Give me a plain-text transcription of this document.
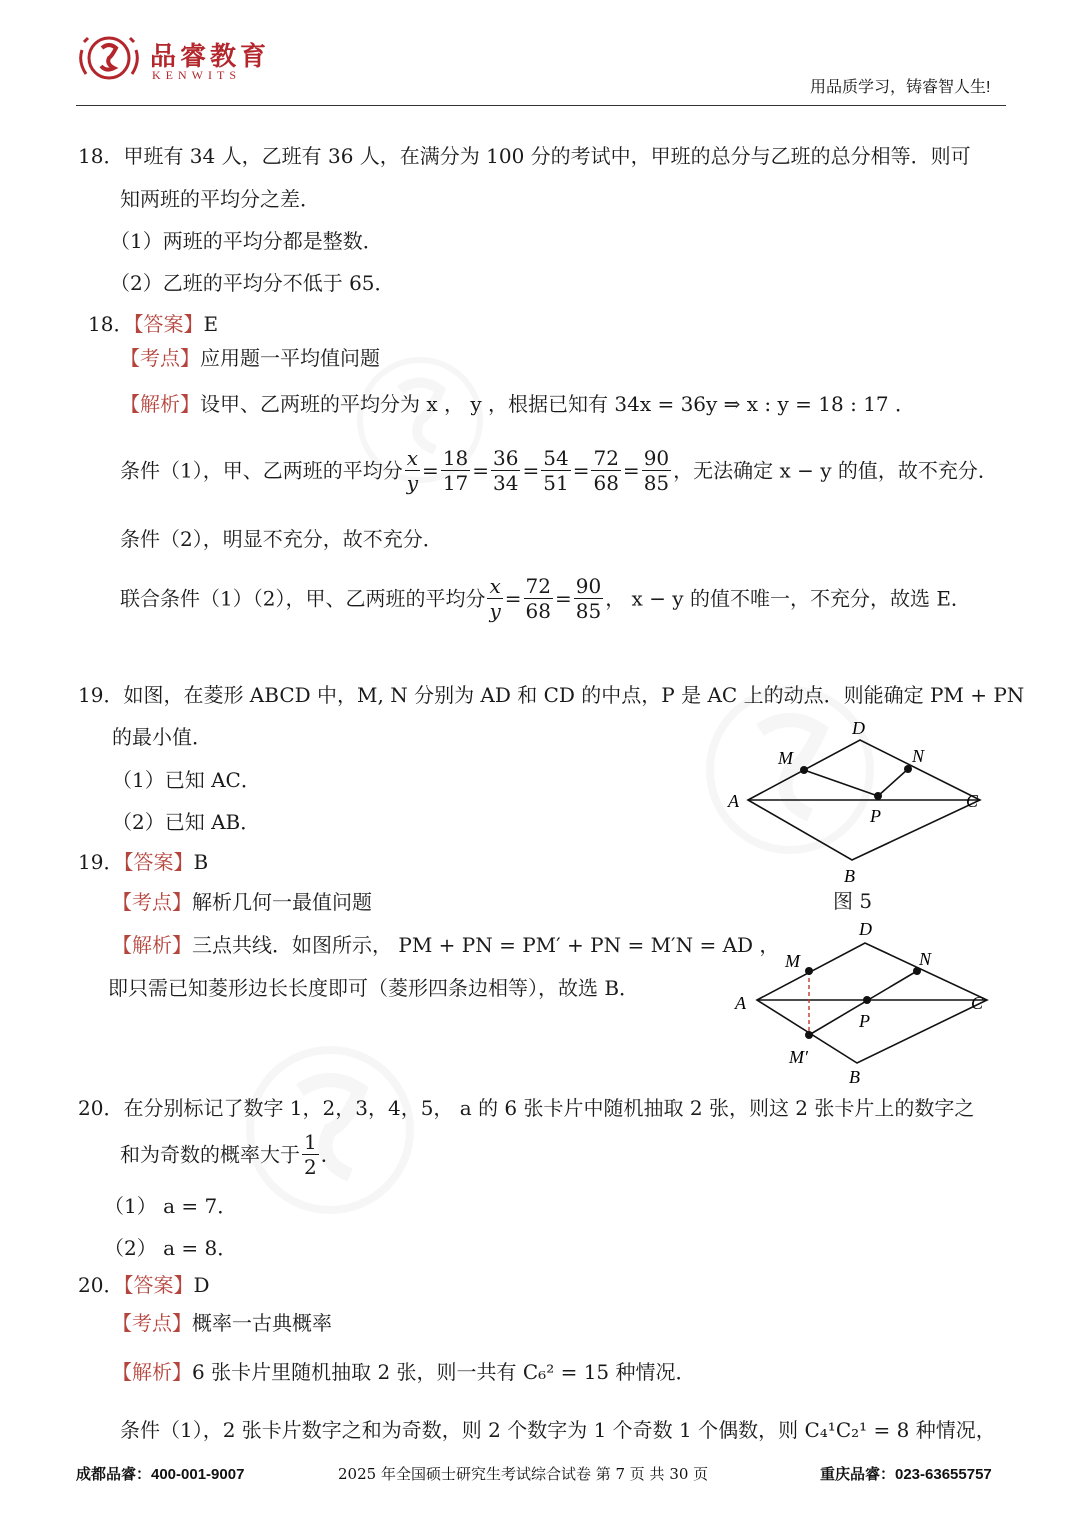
品睿教育
KENWITS
用品质学习，铸睿智人生!
18．甲班有 34 人，乙班有 36 人，在满分为 100 分的考试中，甲班的总分与乙班的总分相等．则可
知两班的平均分之差．
（1）两班的平均分都是整数．
（2）乙班的平均分不低于 65．
18．【答案】E
【考点】应用题一平均值问题
【解析】设甲、乙两班的平均分为 x ， y ，根据已知有 34x = 36y ⇒ x : y = 18 : 17 ．
条件（1），甲、乙两班的平均分 $\frac{x}{y} = \frac{18}{17} = \frac{36}{34} = \frac{54}{51} = \frac{72}{68} = \frac{90}{85}$ ，无法确定 x − y 的值，故不充分．
条件（2），明显不充分，故不充分．
联合条件（1）（2），甲、乙两班的平均分 $\frac{x}{y} = \frac{72}{68} = \frac{90}{85}$ ， x − y 的值不唯一，不充分，故选 E．
19．如图，在菱形 ABCD 中，M, N 分别为 AD 和 CD 的中点，P 是 AC 上的动点．则能确定 PM + PN
的最小值．
（1）已知 AC．
（2）已知 AB．
19．【答案】B
【考点】解析几何一最值问题
【解析】三点共线．如图所示， PM + PN = PM′ + PN = M′N = AD ，
即只需已知菱形边长长度即可（菱形四条边相等），故选 B．
A
B
C
D
M	N
P
图 5
A
B
C
D
M	N
P
M′
20．在分别标记了数字 1，2，3，4，5， a 的 6 张卡片中随机抽取 2 张，则这 2 张卡片上的数字之
和为奇数的概率大于 $\frac{1}{2}$ ．
（1） a = 7．
（2） a = 8．
20．【答案】D
【考点】概率一古典概率
【解析】6 张卡片里随机抽取 2 张，则一共有 C₆² = 15 种情况．
条件（1），2 张卡片数字之和为奇数，则 2 个数字为 1 个奇数 1 个偶数，则 C₄¹C₂¹ = 8 种情况，
成都品睿：400-001-9007	2025 年全国硕士研究生考试综合试卷 第 7 页 共 30 页	重庆品睿：023-63655757
